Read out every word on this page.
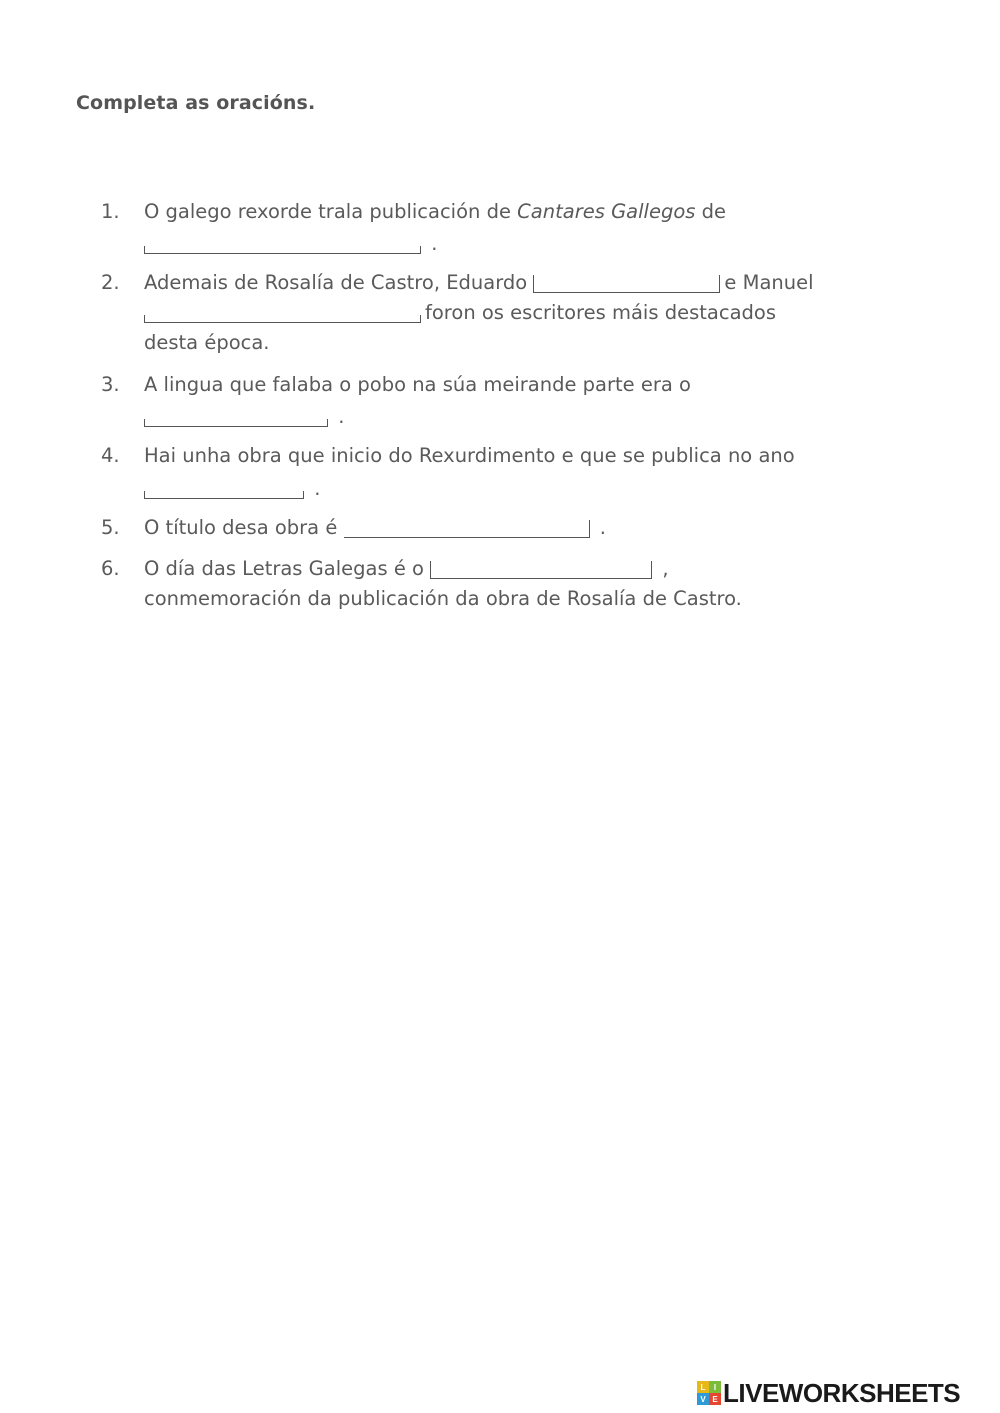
Completa as oracións.
1. O galego rexorde trala publicación de Cantares Gallegos de
.
2. Ademais de Rosalía de Castro, Eduardo	e Manuel
foron os escritores máis destacados
desta época.
3. A lingua que falaba o pobo na súa meirande parte era o
.
4. Hai unha obra que inicio do Rexurdimento e que se publica no ano
.
5. O título desa obra é	.
6. O día das Letras Galegas é o	,
conmemoración da publicación da obra de Rosalía de Castro.
L	I
V E LIVEWORKSHEETS
